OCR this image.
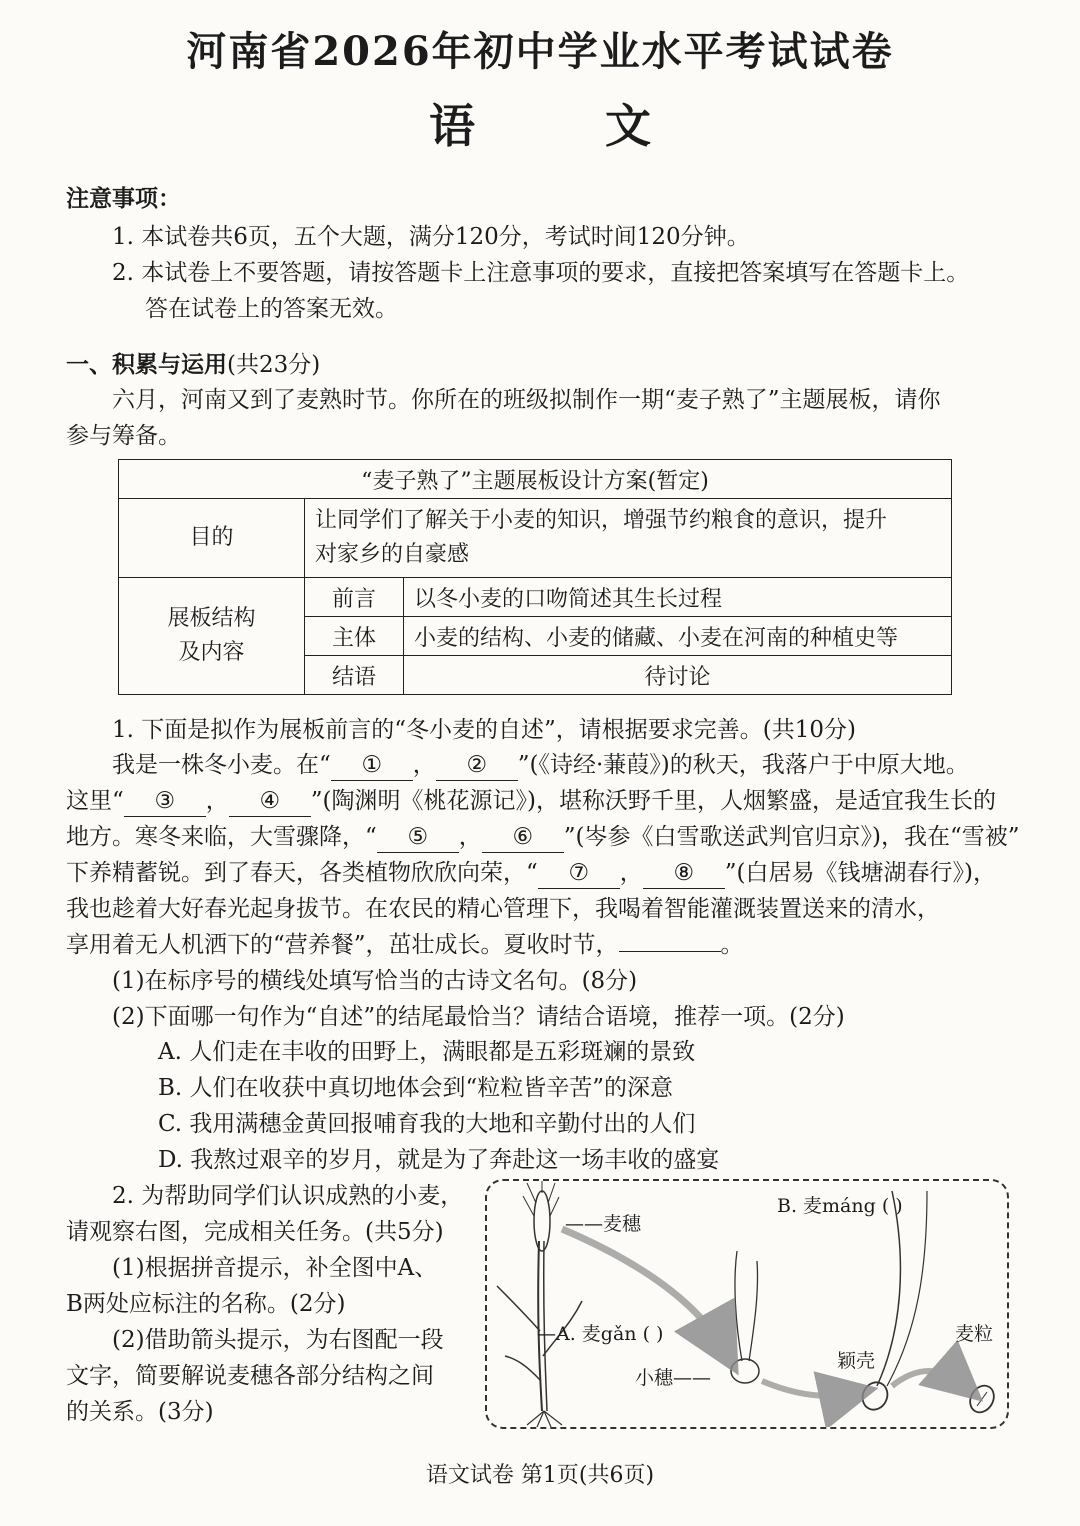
河南省2026年初中学业水平考试试卷
语	文
注意事项：
1. 本试卷共6页，五个大题，满分120分，考试时间120分钟。
2. 本试卷上不要答题，请按答题卡上注意事项的要求，直接把答案填写在答题卡上。
答在试卷上的答案无效。
一、积累与运用(共23分)
六月，河南又到了麦熟时节。你所在的班级拟制作一期“麦子熟了”主题展板，请你
参与筹备。
“麦子熟了”主题展板设计方案(暂定)		
目的	让同学们了解关于小麦的知识，增强节约粮食的意识，提升
对家乡的自豪感	

展板结构
及内容	前言	以冬小麦的口吻简述其生长过程
	主体	小麦的结构、小麦的储藏、小麦在河南的种植史等
	结语	待讨论
1. 下面是拟作为展板前言的“冬小麦的自述”，请根据要求完善。(共10分)
我是一株冬小麦。在“ ① ， ② ”(《诗经·蒹葭》)的秋天，我落户于中原大地。
这里“ ③ ， ④ ”(陶渊明《桃花源记》)，堪称沃野千里，人烟繁盛，是适宜我生长的
地方。寒冬来临，大雪骤降，“ ⑤ ， ⑥ ”(岑参《白雪歌送武判官归京》)，我在“雪被”
下养精蓄锐。到了春天，各类植物欣欣向荣，“ ⑦ ， ⑧ ”(白居易《钱塘湖春行》)，
我也趁着大好春光起身拔节。在农民的精心管理下，我喝着智能灌溉装置送来的清水，
享用着无人机洒下的“营养餐”，茁壮成长。夏收时节，	。
(1)在标序号的横线处填写恰当的古诗文名句。(8分)
(2)下面哪一句作为“自述”的结尾最恰当？请结合语境，推荐一项。(2分)
A. 人们走在丰收的田野上，满眼都是五彩斑斓的景致
B. 人们在收获中真切地体会到“粒粒皆辛苦”的深意
C. 我用满穗金黄回报哺育我的大地和辛勤付出的人们
D. 我熬过艰辛的岁月，就是为了奔赴这一场丰收的盛宴
2. 为帮助同学们认识成熟的小麦，
请观察右图，完成相关任务。(共5分)
(1)根据拼音提示，补全图中A、
B两处应标注的名称。(2分)
(2)借助箭头提示，为右图配一段
文字，简要解说麦穗各部分结构之间
的关系。(3分)
——麦穗
B. 麦máng ( )
—A. 麦gǎn ( )
小穗——
颖壳
麦粒
语文试卷 第1页(共6页)
